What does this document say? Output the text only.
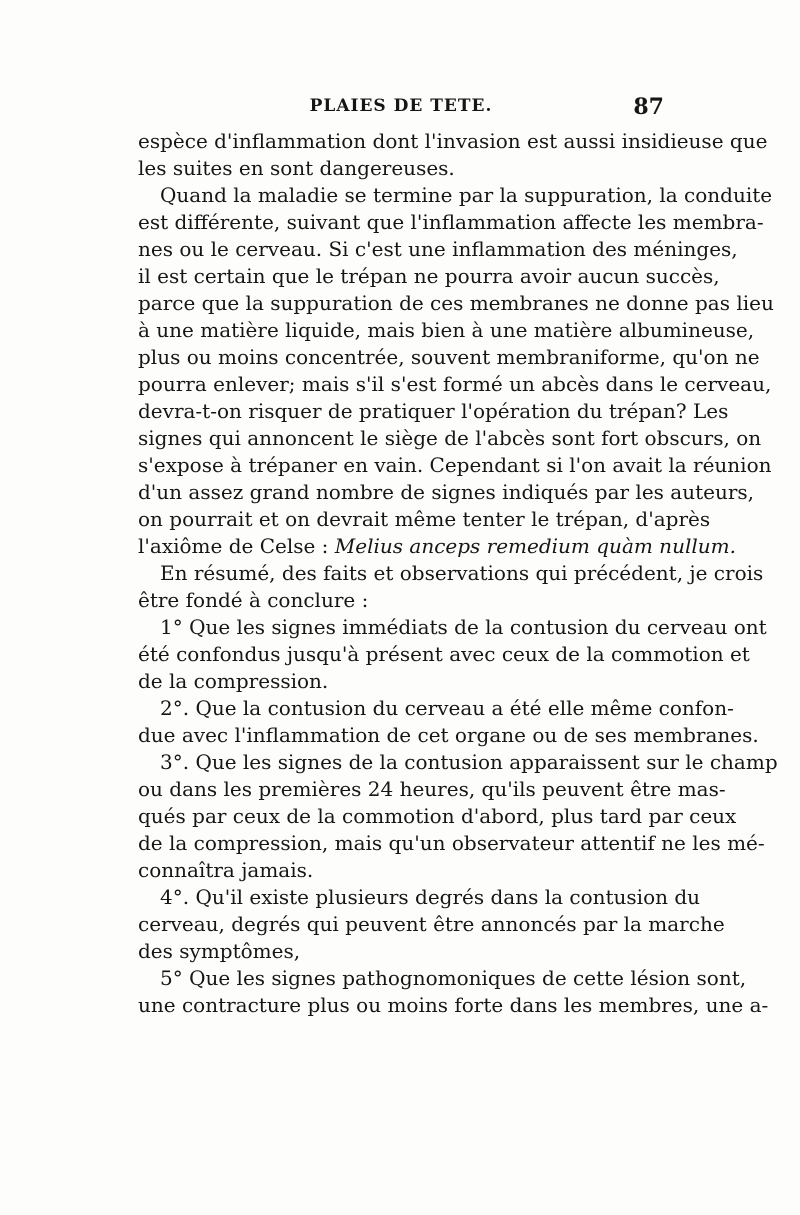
PLAIES DE TETE.	87
espèce d'inflammation dont l'invasion est aussi insidieuse que
les suites en sont dangereuses.
Quand la maladie se termine par la suppuration, la conduite
est différente, suivant que l'inflammation affecte les membra-
nes ou le cerveau. Si c'est une inflammation des méninges,
il est certain que le trépan ne pourra avoir aucun succès,
parce que la suppuration de ces membranes ne donne pas lieu
à une matière liquide, mais bien à une matière albumineuse,
plus ou moins concentrée, souvent membraniforme, qu'on ne
pourra enlever; mais s'il s'est formé un abcès dans le cerveau,
devra-t-on risquer de pratiquer l'opération du trépan? Les
signes qui annoncent le siège de l'abcès sont fort obscurs, on
s'expose à trépaner en vain. Cependant si l'on avait la réunion
d'un assez grand nombre de signes indiqués par les auteurs,
on pourrait et on devrait même tenter le trépan, d'après
l'axiôme de Celse : Melius anceps remedium quàm nullum.
En résumé, des faits et observations qui précédent, je crois
être fondé à conclure :
1° Que les signes immédiats de la contusion du cerveau ont
été confondus jusqu'à présent avec ceux de la commotion et
de la compression.
2°. Que la contusion du cerveau a été elle même confon-
due avec l'inflammation de cet organe ou de ses membranes.
3°. Que les signes de la contusion apparaissent sur le champ
ou dans les premières 24 heures, qu'ils peuvent être mas-
qués par ceux de la commotion d'abord, plus tard par ceux
de la compression, mais qu'un observateur attentif ne les mé-
connaîtra jamais.
4°. Qu'il existe plusieurs degrés dans la contusion du
cerveau, degrés qui peuvent être annoncés par la marche
des symptômes,
5° Que les signes pathognomoniques de cette lésion sont,
une contracture plus ou moins forte dans les membres, une a-
